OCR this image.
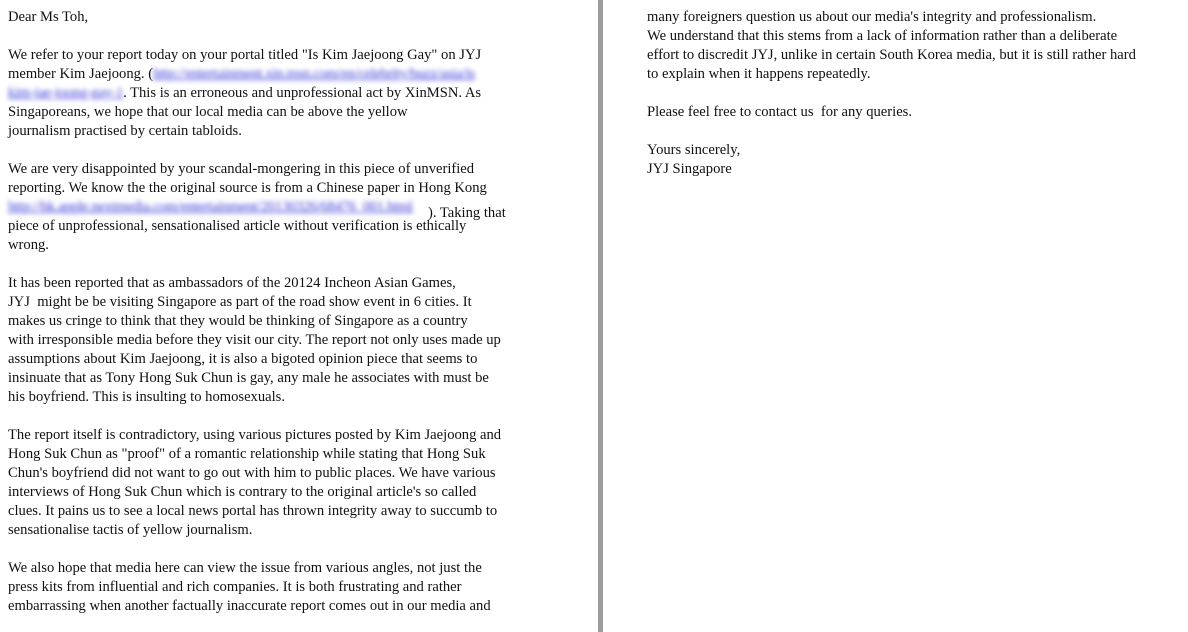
Dear Ms Toh,
We refer to your report today on your portal titled "Is Kim Jaejoong Gay" on JYJ
member Kim Jaejoong. (http://entertainment.xin.msn.com/en/celebrity/buzz/asia/is
kim-jae-joong-gay-1. This is an erroneous and unprofessional act by XinMSN. As
Singaporeans, we hope that our local media can be above the yellow
journalism practised by certain tabloids.
We are very disappointed by your scandal-mongering in this piece of unverified
reporting. We know the the original source is from a Chinese paper in Hong Kong
http://hk.apple.nextmedia.com/entertainment/20130326/68476_001.html ). Taking that
piece of unprofessional, sensationalised article without verification is ethically
wrong.
It has been reported that as ambassadors of the 20124 Incheon Asian Games,
JYJ  might be be visiting Singapore as part of the road show event in 6 cities. It
makes us cringe to think that they would be thinking of Singapore as a country
with irresponsible media before they visit our city. The report not only uses made up
assumptions about Kim Jaejoong, it is also a bigoted opinion piece that seems to
insinuate that as Tony Hong Suk Chun is gay, any male he associates with must be
his boyfriend. This is insulting to homosexuals.
The report itself is contradictory, using various pictures posted by Kim Jaejoong and
Hong Suk Chun as "proof" of a romantic relationship while stating that Hong Suk
Chun's boyfriend did not want to go out with him to public places. We have various
interviews of Hong Suk Chun which is contrary to the original article's so called
clues. It pains us to see a local news portal has thrown integrity away to succumb to
sensationalise tactis of yellow journalism.
We also hope that media here can view the issue from various angles, not just the
press kits from influential and rich companies. It is both frustrating and rather
embarrassing when another factually inaccurate report comes out in our media and
many foreigners question us about our media's integrity and professionalism.
We understand that this stems from a lack of information rather than a deliberate
effort to discredit JYJ, unlike in certain South Korea media, but it is still rather hard
to explain when it happens repeatedly.
Please feel free to contact us  for any queries.
Yours sincerely,
JYJ Singapore
